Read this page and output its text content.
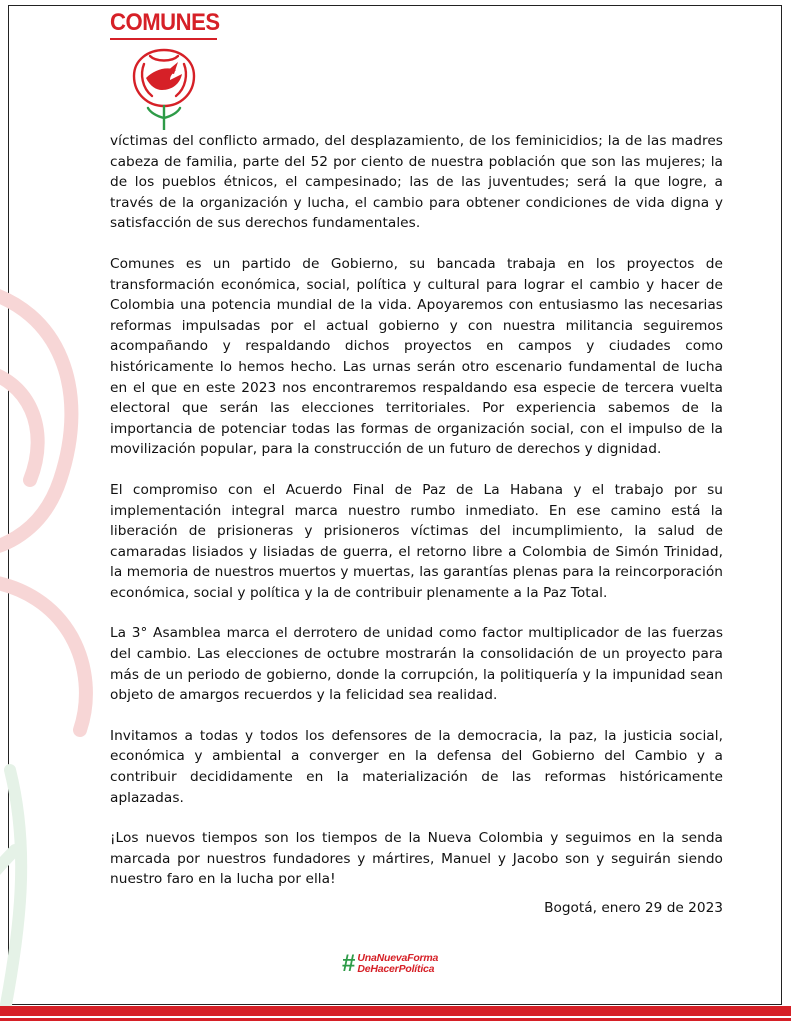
COMUNES

víctimas del conflicto armado, del desplazamiento, de los feminicidios; la de las madres cabeza de familia, parte del 52 por ciento de nuestra población que son las mujeres; la de los pueblos étnicos, el campesinado; las de las juventudes; será la que logre, a través de la organización y lucha, el cambio para obtener condiciones de vida digna y satisfacción de sus derechos fundamentales.

Comunes es un partido de Gobierno, su bancada trabaja en los proyectos de transformación económica, social, política y cultural para lograr el cambio y hacer de Colombia una potencia mundial de la vida. Apoyaremos con entusiasmo las necesarias reformas impulsadas por el actual gobierno y con nuestra militancia seguiremos acompañando y respaldando dichos proyectos en campos y ciudades como históricamente lo hemos hecho. Las urnas serán otro escenario fundamental de lucha en el que en este 2023 nos encontraremos respaldando esa especie de tercera vuelta electoral que serán las elecciones territoriales. Por experiencia sabemos de la importancia de potenciar todas las formas de organización social, con el impulso de la movilización popular, para la construcción de un futuro de derechos y dignidad.

El compromiso con el Acuerdo Final de Paz de La Habana y el trabajo por su implementación integral marca nuestro rumbo inmediato. En ese camino está la liberación de prisioneras y prisioneros víctimas del incumplimiento, la salud de camaradas lisiados y lisiadas de guerra, el retorno libre a Colombia de Simón Trinidad, la memoria de nuestros muertos y muertas, las garantías plenas para la reincorporación económica, social y política y la de contribuir plenamente a la Paz Total.

La 3° Asamblea marca el derrotero de unidad como factor multiplicador de las fuerzas del cambio. Las elecciones de octubre mostrarán la consolidación de un proyecto para más de un periodo de gobierno, donde la corrupción, la politiquería y la impunidad sean objeto de amargos recuerdos y la felicidad sea realidad.

Invitamos a todas y todos los defensores de la democracia, la paz, la justicia social, económica y ambiental a converger en la defensa del Gobierno del Cambio y a contribuir decididamente en la materialización de las reformas históricamente aplazadas.

¡Los nuevos tiempos son los tiempos de la Nueva Colombia y seguimos en la senda marcada por nuestros fundadores y mártires, Manuel y Jacobo son y seguirán siendo nuestro faro en la lucha por ella!

Bogotá, enero 29 de 2023
# UnaNuevaForma
DeHacerPolítica
